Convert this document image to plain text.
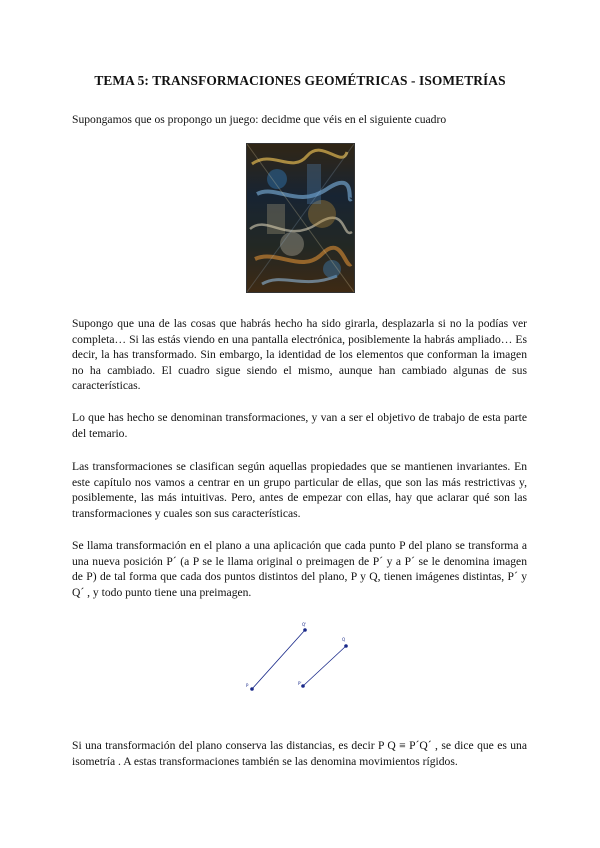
TEMA 5: TRANSFORMACIONES GEOMÉTRICAS - ISOMETRÍAS
Supongamos que os propongo un juego: decidme que véis en el siguiente cuadro
Supongo que una de las cosas que habrás hecho ha sido girarla, desplazarla si no la podías ver completa… Si las estás viendo en una pantalla electrónica, posiblemente la habrás ampliado… Es decir, la has transformado. Sin embargo, la identidad de los elementos que conforman la imagen no ha cambiado. El cuadro sigue siendo el mismo, aunque han cambiado algunas de sus características.
Lo que has hecho se denominan transformaciones, y van a ser el objetivo de trabajo de esta parte del temario.
Las transformaciones se clasifican según aquellas propiedades que se mantienen invariantes. En este capítulo nos vamos a centrar en un grupo particular de ellas, que son las más restrictivas y, posiblemente, las más intuitivas. Pero, antes de empezar con ellas, hay que aclarar qué son las transformaciones y cuales son sus características.
Se llama transformación en el plano a una aplicación que cada punto P del plano se transforma a una nueva posición P´ (a P se le llama original o preimagen de P´ y a P´ se le denomina imagen de P) de tal forma que cada dos puntos distintos del plano, P y Q, tienen imágenes distintas, P´ y Q´ , y todo punto tiene una preimagen.
P
Q
P'
Q'
Si una transformación del plano conserva las distancias, es decir P Q ≡ P´Q´ , se dice que es una isometría . A estas transformaciones también se las denomina movimientos rígidos.
